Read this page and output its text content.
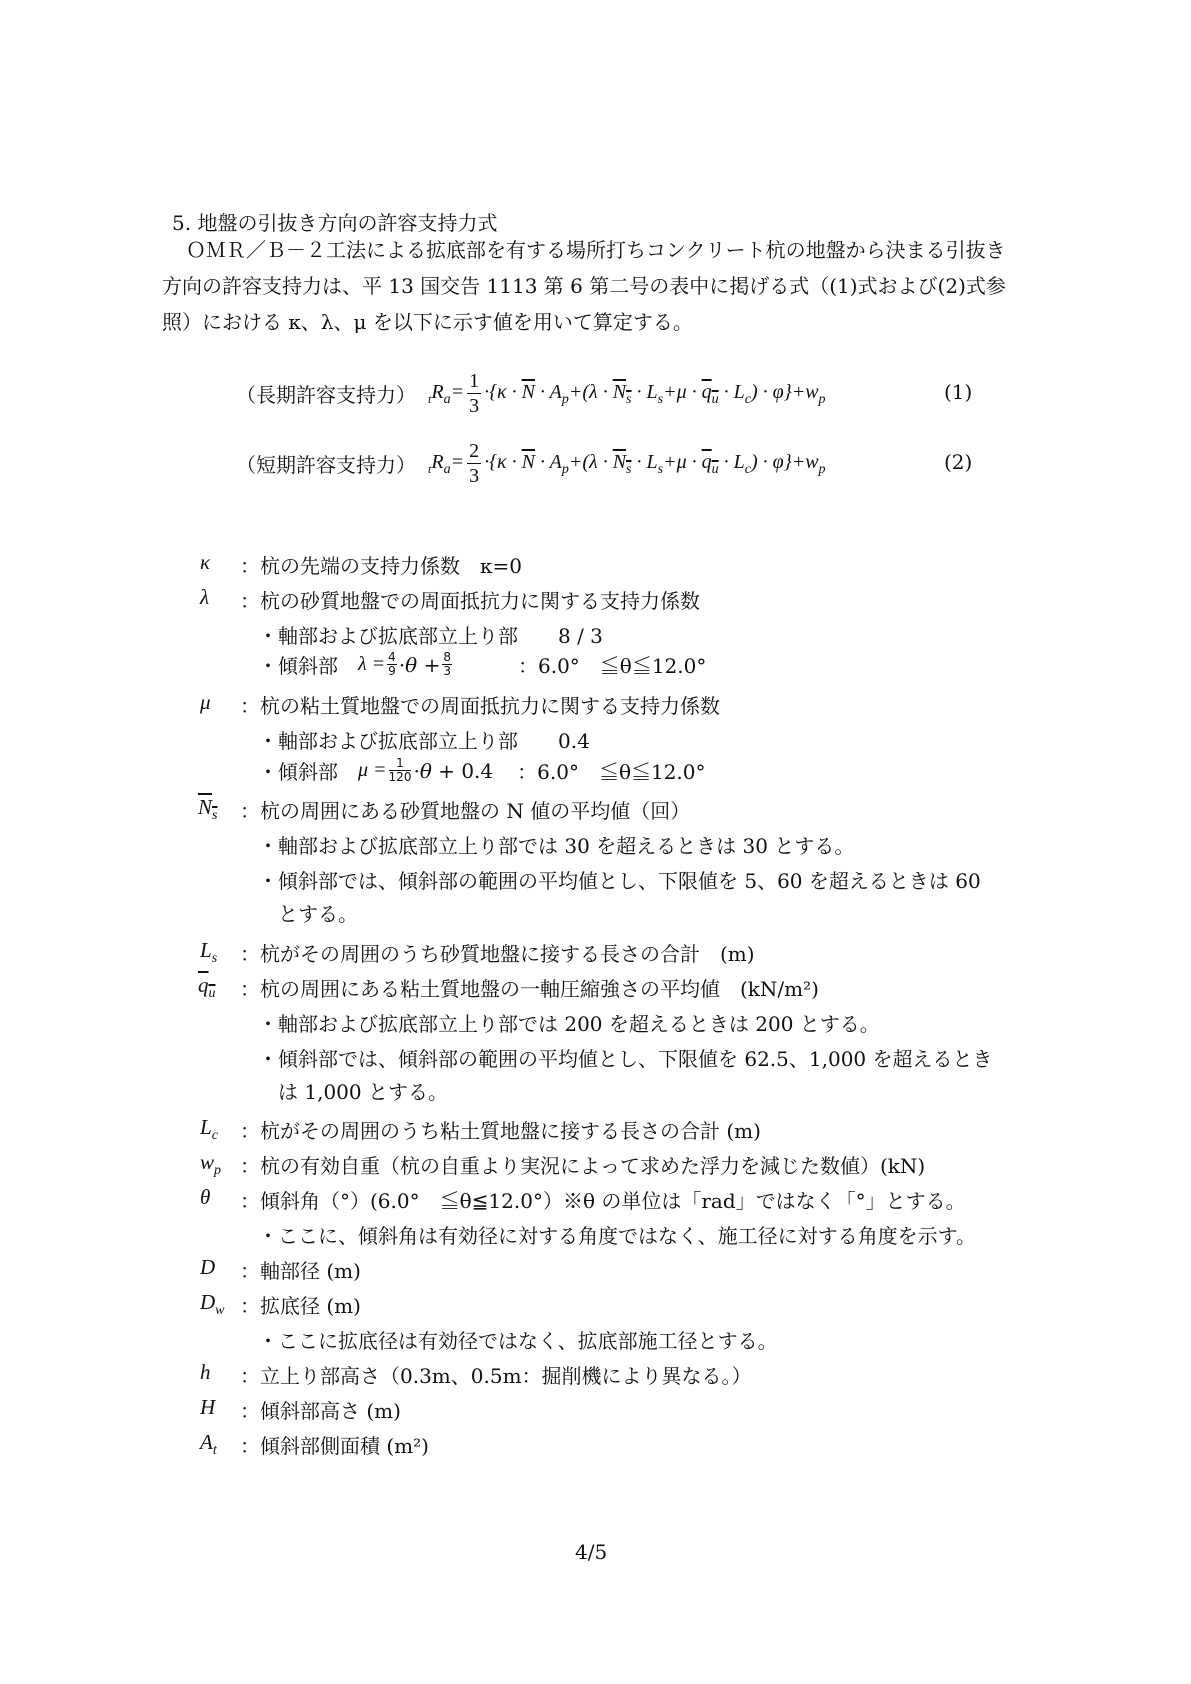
5. 地盤の引抜き方向の許容支持力式
ＯＭＲ／Ｂ－２工法による拡底部を有する場所打ちコンクリート杭の地盤から決まる引抜き方向の許容支持力は、平 13 国交告 1113 第 6 第二号の表中に掲げる式（(1)式および(2)式参照）における κ、λ、μ を以下に示す値を用いて算定する。
（長期許容支持力） $_tR_a= \frac{1}{3} \cdot\{\kappa \cdot \overline{N} \cdot A_p+(\lambda \cdot N_s \cdot L_s+\mu \cdot q_u \cdot L_c) \cdot \varphi\}+w_p$	(1)
（短期許容支持力） $_tR_a= \frac{2}{3} \cdot\{\kappa \cdot \overline{N} \cdot A_p+(\lambda \cdot N_s \cdot L_s+\mu \cdot q_u \cdot L_c) \cdot \varphi\}+w_p$	(2)
κ ：杭の先端の支持力係数　κ=0
λ ：杭の砂質地盤での周面抵抗力に関する支持力係数
・軸部および拡底部立上り部　　8 / 3
・傾斜部　 $\lambda = \frac{4}{9} \cdot\theta + \frac{8}{3}$	：6.0°　≦θ≦12.0°
μ ：杭の粘土質地盤での周面抵抗力に関する支持力係数
・軸部および拡底部立上り部　　0.4
・傾斜部　 $\mu = \frac{1}{120} \cdot\theta + 0.4$ ：6.0°　≦θ≦12.0°
$N_s$ ：杭の周囲にある砂質地盤の N 値の平均値（回）
・軸部および拡底部立上り部では 30 を超えるときは 30 とする。
・傾斜部では、傾斜部の範囲の平均値とし、下限値を 5、60 を超えるときは 60
とする。
$L_s$ ：杭がその周囲のうち砂質地盤に接する長さの合計　(m)
$q_u$ ：杭の周囲にある粘土質地盤の一軸圧縮強さの平均値　(kN/m²)
・軸部および拡底部立上り部では 200 を超えるときは 200 とする。
・傾斜部では、傾斜部の範囲の平均値とし、下限値を 62.5、1,000 を超えるとき
は 1,000 とする。
$L_c$ ：杭がその周囲のうち粘土質地盤に接する長さの合計 (m)
$w_p$ ：杭の有効自重（杭の自重より実況によって求めた浮力を減じた数値）(kN)
θ ：傾斜角（°）(6.0°　≦θ≦12.0°）※θ の単位は「rad」ではなく「°」とする。
・ここに、傾斜角は有効径に対する角度ではなく、施工径に対する角度を示す。
D ：軸部径 (m)
$D_w$ ：拡底径 (m)
・ここに拡底径は有効径ではなく、拡底部施工径とする。
h ：立上り部高さ（0.3m、0.5m：掘削機により異なる。）
H ：傾斜部高さ (m)
$A_t$ ：傾斜部側面積 (m²)
4/5
